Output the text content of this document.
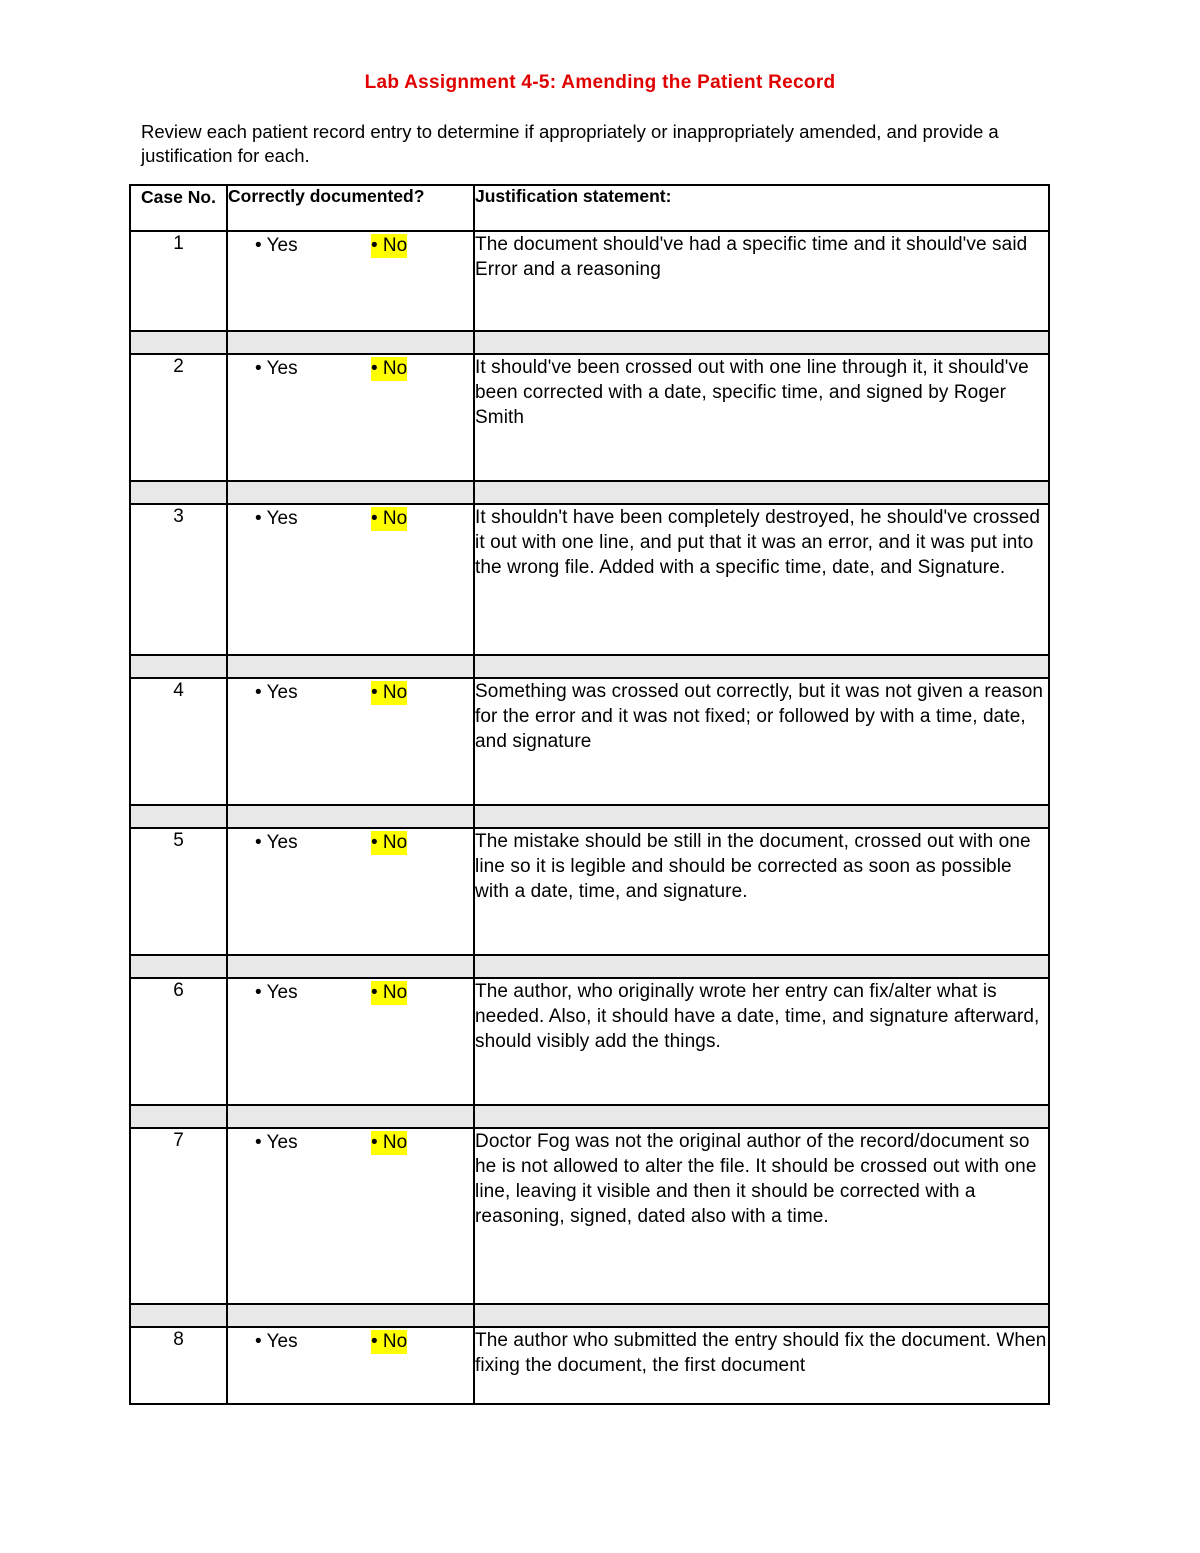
Lab Assignment 4-5: Amending the Patient Record
Review each patient record entry to determine if appropriately or inappropriately amended, and provide a justification for each.
Case No.	Correctly documented?	Justification statement:
1	• Yes • No	The document should've had a specific time and it should've said Error and a reasoning

2	• Yes • No	It should've been crossed out with one line through it, it should've been corrected with a date, specific time, and signed by Roger Smith

3	• Yes • No	It shouldn't have been completely destroyed, he should've crossed it out with one line, and put that it was an error, and it was put into the wrong file. Added with a specific time, date, and Signature.

4	• Yes • No	Something was crossed out correctly, but it was not given a reason for the error and it was not fixed; or followed by with a time, date, and signature

5	• Yes • No	The mistake should be still in the document, crossed out with one line so it is legible and should be corrected as soon as possible with a date, time, and signature.

6	• Yes • No	The author, who originally wrote her entry can fix/alter what is needed. Also, it should have a date, time, and signature afterward, should visibly add the things.

7	• Yes • No	Doctor Fog was not the original author of the record/document so he is not allowed to alter the file. It should be crossed out with one line, leaving it visible and then it should be corrected with a reasoning, signed, dated also with a time.

8	• Yes • No	The author who submitted the entry should fix the document. When fixing the document, the first document
